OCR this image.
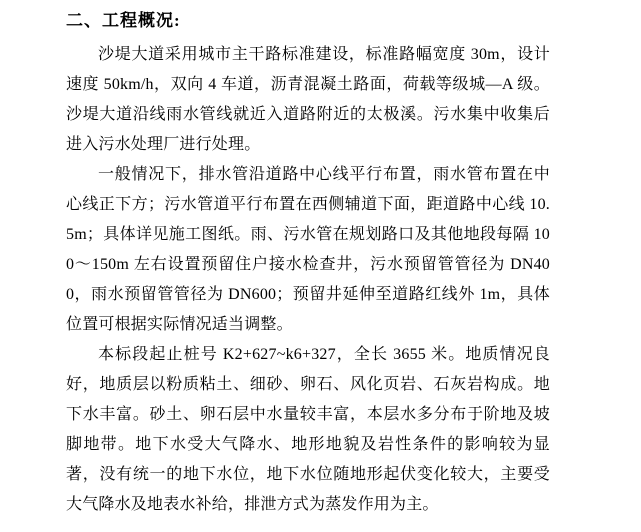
二、工程概况:

沙堤大道采用城市主干路标准建设，标准路幅宽度 30m，设计速度 50km/h，双向 4 车道，沥青混凝土路面，荷载等级城—A 级。沙堤大道沿线雨水管线就近入道路附近的太极溪。污水集中收集后进入污水处理厂进行处理。

一般情况下，排水管沿道路中心线平行布置，雨水管布置在中心线正下方；污水管道平行布置在西侧辅道下面，距道路中心线 10.5m；具体详见施工图纸。雨、污水管在规划路口及其他地段每隔 100～150m 左右设置预留住户接水检查井，污水预留管管径为 DN400，雨水预留管管径为 DN600；预留井延伸至道路红线外 1m，具体位置可根据实际情况适当调整。

本标段起止桩号 K2+627~k6+327，全长 3655 米。地质情况良好，地质层以粉质粘土、细砂、卵石、风化页岩、石灰岩构成。地下水丰富。砂土、卵石层中水量较丰富，本层水多分布于阶地及坡脚地带。地下水受大气降水、地形地貌及岩性条件的影响较为显著，没有统一的地下水位，地下水位随地形起伏变化较大，主要受大气降水及地表水补给，排泄方式为蒸发作用为主。
